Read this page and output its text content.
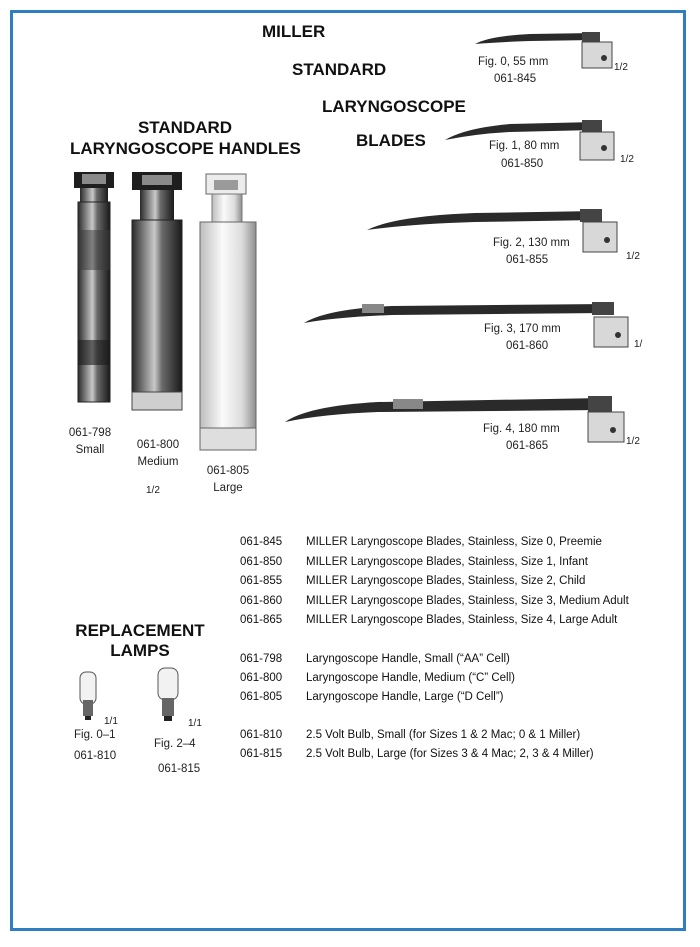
MILLER
STANDARD
LARYNGOSCOPE
BLADES
STANDARD
LARYNGOSCOPE HANDLES
Fig. 0, 55 mm
061-845
1/2
Fig. 1, 80 mm
061-850	1/2
Fig. 2, 130 mm
061-855	1/2
Fig. 3, 170 mm
061-860	1/
Fig. 4, 180 mm
061-865	1/2
061-798
Small	061-800
Medium
061-805
Large
1/2
061-845 MILLER Laryngoscope Blades, Stainless, Size 0, Preemie
061-850 MILLER Laryngoscope Blades, Stainless, Size 1, Infant
061-855 MILLER Laryngoscope Blades, Stainless, Size 2, Child
061-860 MILLER Laryngoscope Blades, Stainless, Size 3, Medium Adult
061-865 MILLER Laryngoscope Blades, Stainless, Size 4, Large Adult
061-798 Laryngoscope Handle, Small (“AA” Cell)
061-800 Laryngoscope Handle, Medium (“C” Cell)
061-805 Laryngoscope Handle, Large (“D Cell”)
061-810 2.5 Volt Bulb, Small (for Sizes 1 & 2 Mac; 0 & 1 Miller)
061-815 2.5 Volt Bulb, Large (for Sizes 3 & 4 Mac; 2, 3 & 4 Miller)
REPLACEMENT
LAMPS
1/1
Fig. 0–1
061-810
1/1
Fig. 2–4
061-815
